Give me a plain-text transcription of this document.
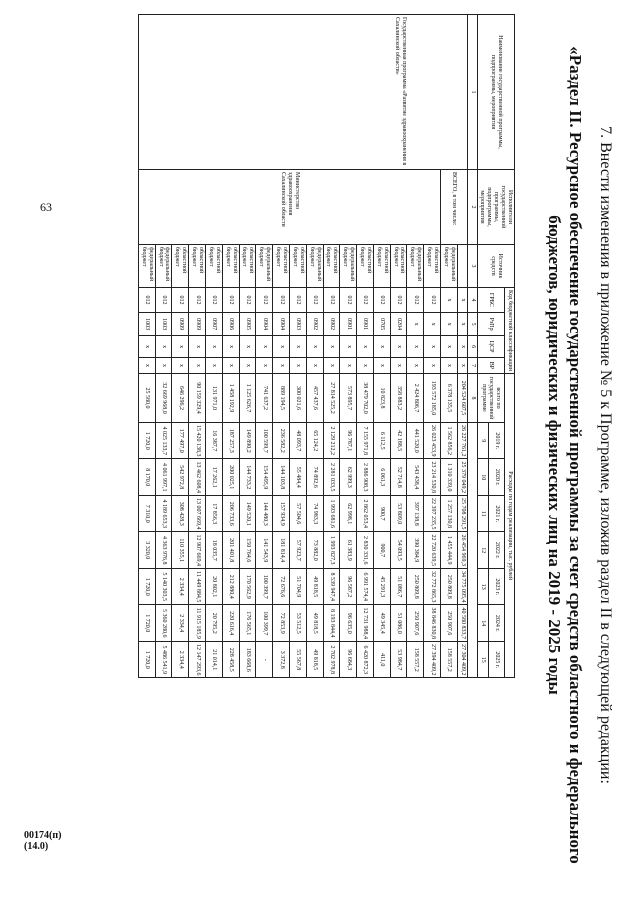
63
00174(п)(14.0)
7. Внести изменения в приложение № 5 к Программе, изложив раздел II в следующей редакции:
«Раздел II. Ресурсное обеспечение государственной программы за счет средств областного и федерального бюджетов, юридических и физических лиц на 2019 - 2025 годы
Наименование государственной программы, подпрограммы, мероприятия	Исполнители государственной программы, подпрограммы, мероприятия	Источник средств	Код бюджетной классификации				Расходы по годам реализации, тыс. рублей							
			ГРБС	РзПр	ЦСР	ВР	всего по государственной программе	2019 г.	2020 г.	2021 г.	2022 г.	2023 г.	2024 г.	2025 г.
								9	10	11	12	13	14	15
1	2	3	4	5	6	7	8							
Государственная программа «Развитие здравоохранения в Сахалинской области»	ВСЕГО, в том числе:		х	х	х	х	204 524 607,5	26 227 761,2	25 379 049,2	25 708 291,5	26 454 969,3	34 775 095,4	40 580 833,7	27 304 409,2
		федеральный бюджет	х	х	х	х	6 378 135,5	1 562 856,2	1 310 339,0	1 257 130,8	1 455 444,9	250 809,8	250 907,6	158 557,2
	Министерство здравоохранения Сахалинской области	областной бюджет	012	х	х	х	193 572 185,0	26 023 453,9	23 214 530,8	22 397 235,5	22 720 639,5	32 772 865,3	38 846 830,8	27 394 409,2
		федеральный бюджет	012	х	х	х	2 424 806,7	441 520,0	543 438,4	397 138,8	390 384,9	250 809,8	250 907,6	158 557,2
		областной бюджет	012	0204	х	х	358 883,2	42 188,5	52 714,8	53 809,0	54 093,5	51 086,7	51 086,0	53 984,7
		областной бюджет	012	0705	х	х	10 823,8	6 112,5	6 061,3	900,7	900,7	45 291,3	49 345,4	411,0
		областной бюджет	012	0901	х	х	38 479 702,0	7 155 971,8	2 886 908,3	2 862 053,4	2 830 331,6	6 991 574,4	12 731 988,4	6 420 872,3
		федеральный бюджет	012	0901	х	х	573 895,7	96 787,1	62 999,3	62 998,1	61 383,9	96 587,2	96 635,0	96 684,3
		областной бюджет	012	0902	х	х	27 814 525,2	2 129 212,2	2 281 033,5	1 993 681,6	1 993 827,3	8 539 947,4	8 193 844,4	2 702 978,8
		федеральный бюджет	012	0902	х	х	457 437,6	65 124,2	74 892,6	74 983,3	73 882,0	49 818,5	49 818,5	49 818,5
		областной бюджет	012	0903	х	х	300 021,6	48 093,7	55 484,4	57 504,6	57 923,7	51 704,9	53 512,5	55 567,8
		областной бюджет	012	0904	х	х	889 194,5	236 582,2	144 103,8	157 934,9	181 814,4	72 676,6	72 853,9	3 372,8
		федеральный бюджет	012	0904	х	х	741 637,2	100 599,7	154 495,9	144 480,3	141 543,9	100 399,7	100 399,7	-
		областной бюджет	012	0905	х	х	1 125 626,7	149 890,2	144 733,2	149 520,1	150 764,6	170 562,9	176 565,1	183 668,6
		областной бюджет	012	0906	х	х	1 458 192,9	187 257,3	200 025,1	206 733,6	201 401,8	212 880,4	220 616,4	228 458,5
		областной бюджет	012	0907	х	х	131 971,0	16 387,7	17 262,1	17 856,3	18 035,7	20 802,1	20 795,2	21 014,1
		областной бюджет	012	0909	х	х	90 159 329,4	15 420 138,3	13 462 608,4	13 007 669,4	12 907 669,4	11 449 884,5	11 915 185,9	12 147 293,6
		областной бюджет	012	0909	х	х	646 296,2	177 497,0	542 972,8	308 428,3	110 355,1	2 334,4	2 334,4	2 334,4
		федеральный бюджет	012	1003	х	х	32 669 968,0	4 025 133,7	4 061 997,1	4 189 653,3	4 363 976,8	5 140 303,5	5 360 280,6	5 486 541,9
		федеральный бюджет	012	1003	х	х	25 580,0	1 720,0	8 170,0	7 310,0	3 320,0	1 720,0	1 720,0	1 720,0
